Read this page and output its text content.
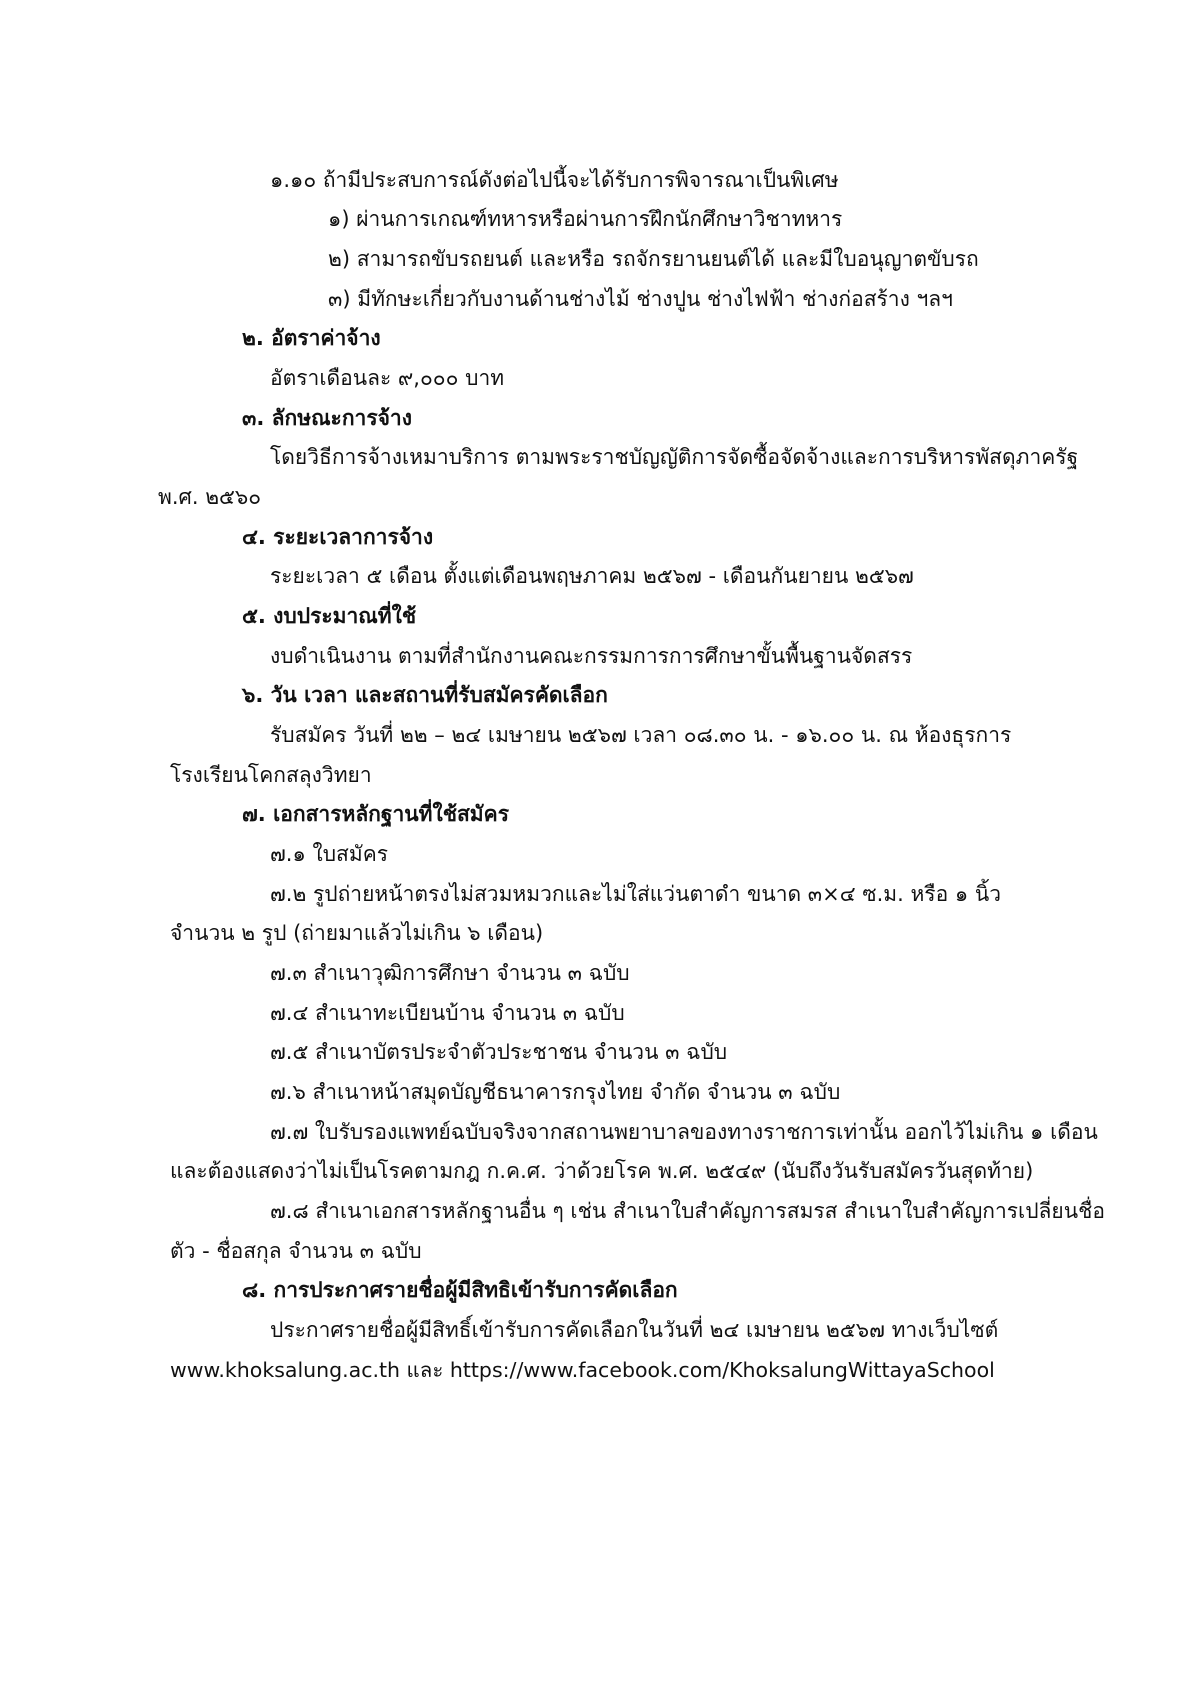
๑.๑๐ ถ้ามีประสบการณ์ดังต่อไปนี้จะได้รับการพิจารณาเป็นพิเศษ
๑) ผ่านการเกณฑ์ทหารหรือผ่านการฝึกนักศึกษาวิชาทหาร
๒) สามารถขับรถยนต์ และหรือ รถจักรยานยนต์ได้ และมีใบอนุญาตขับรถ
๓) มีทักษะเกี่ยวกับงานด้านช่างไม้ ช่างปูน ช่างไฟฟ้า ช่างก่อสร้าง ฯลฯ
๒. อัตราค่าจ้าง
อัตราเดือนละ ๙,๐๐๐ บาท
๓. ลักษณะการจ้าง
โดยวิธีการจ้างเหมาบริการ ตามพระราชบัญญัติการจัดซื้อจัดจ้างและการบริหารพัสดุภาครัฐ
พ.ศ. ๒๕๖๐
๔. ระยะเวลาการจ้าง
ระยะเวลา ๕ เดือน ตั้งแต่เดือนพฤษภาคม ๒๕๖๗ - เดือนกันยายน ๒๕๖๗
๕. งบประมาณที่ใช้
งบดำเนินงาน ตามที่สำนักงานคณะกรรมการการศึกษาขั้นพื้นฐานจัดสรร
๖. วัน เวลา และสถานที่รับสมัครคัดเลือก
รับสมัคร วันที่ ๒๒ – ๒๔ เมษายน ๒๕๖๗ เวลา ๐๘.๓๐ น. - ๑๖.๐๐ น. ณ ห้องธุรการ
โรงเรียนโคกสลุงวิทยา
๗. เอกสารหลักฐานที่ใช้สมัคร
๗.๑ ใบสมัคร
๗.๒ รูปถ่ายหน้าตรงไม่สวมหมวกและไม่ใส่แว่นตาดำ ขนาด ๓×๔ ซ.ม. หรือ ๑ นิ้ว
จำนวน ๒ รูป (ถ่ายมาแล้วไม่เกิน ๖ เดือน)
๗.๓ สำเนาวุฒิการศึกษา จำนวน ๓ ฉบับ
๗.๔ สำเนาทะเบียนบ้าน จำนวน ๓ ฉบับ
๗.๕ สำเนาบัตรประจำตัวประชาชน จำนวน ๓ ฉบับ
๗.๖ สำเนาหน้าสมุดบัญชีธนาคารกรุงไทย จำกัด จำนวน ๓ ฉบับ
๗.๗ ใบรับรองแพทย์ฉบับจริงจากสถานพยาบาลของทางราชการเท่านั้น ออกไว้ไม่เกิน ๑ เดือน
และต้องแสดงว่าไม่เป็นโรคตามกฎ ก.ค.ศ. ว่าด้วยโรค พ.ศ. ๒๕๔๙ (นับถึงวันรับสมัครวันสุดท้าย)
๗.๘ สำเนาเอกสารหลักฐานอื่น ๆ เช่น สำเนาใบสำคัญการสมรส สำเนาใบสำคัญการเปลี่ยนชื่อ
ตัว - ชื่อสกุล จำนวน ๓ ฉบับ
๘. การประกาศรายชื่อผู้มีสิทธิเข้ารับการคัดเลือก
ประกาศรายชื่อผู้มีสิทธิ์เข้ารับการคัดเลือกในวันที่ ๒๔ เมษายน ๒๕๖๗ ทางเว็บไซต์
www.khoksalung.ac.th และ https://www.facebook.com/KhoksalungWittayaSchool
